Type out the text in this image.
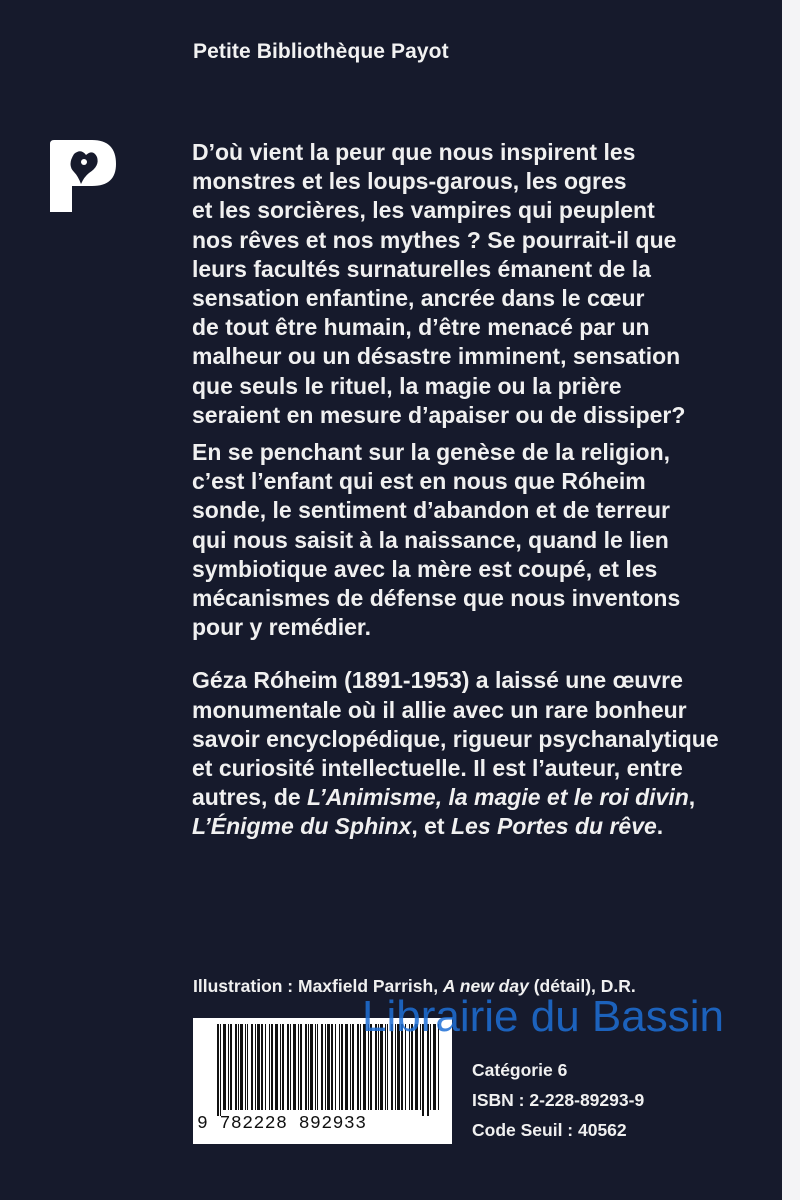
Petite Bibliothèque Payot

D’où vient la peur que nous inspirent les
monstres et les loups-garous, les ogres
et les sorcières, les vampires qui peuplent
nos rêves et nos mythes ? Se pourrait-il que
leurs facultés surnaturelles émanent de la
sensation enfantine, ancrée dans le cœur
de tout être humain, d’être menacé par un
malheur ou un désastre imminent, sensation
que seuls le rituel, la magie ou la prière
seraient en mesure d’apaiser ou de dissiper?

En se penchant sur la genèse de la religion,
c’est l’enfant qui est en nous que Róheim
sonde, le sentiment d’abandon et de terreur
qui nous saisit à la naissance, quand le lien
symbiotique avec la mère est coupé, et les
mécanismes de défense que nous inventons
pour y remédier.

Géza Róheim (1891-1953) a laissé une œuvre
monumentale où il allie avec un rare bonheur
savoir encyclopédique, rigueur psychanalytique
et curiosité intellectuelle. Il est l’auteur, entre
autres, de L’Animisme, la magie et le roi divin,
L’Énigme du Sphinx, et Les Portes du rêve.

Illustration : Maxfield Parrish, A new day (détail), D.R.
9 782228 892933
Catégorie 6
ISBN : 2-228-89293-9
Code Seuil : 40562
Librairie du Bassin
